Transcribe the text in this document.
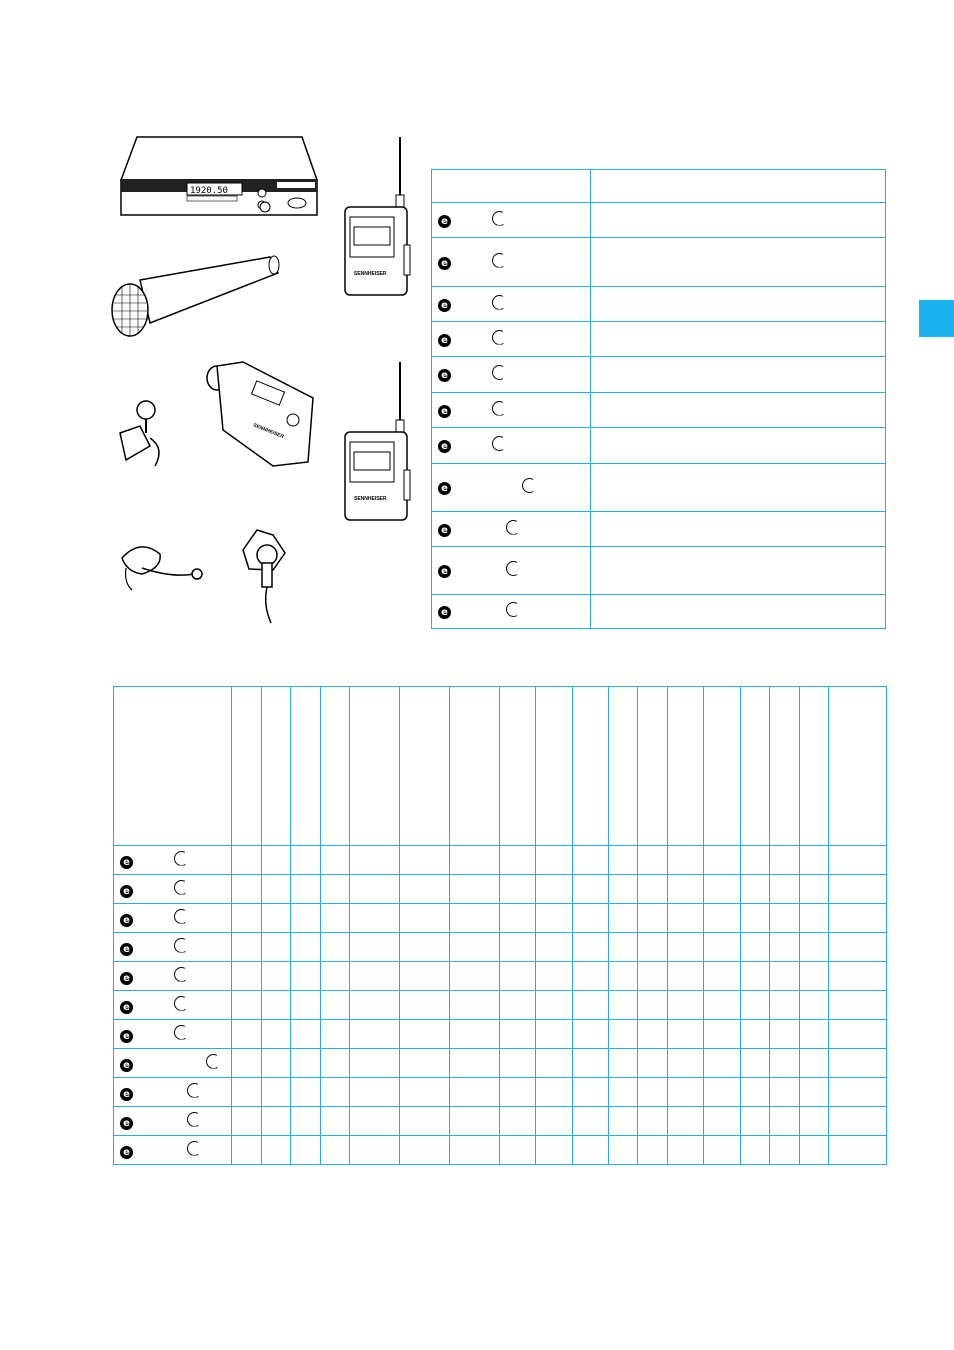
1920.50
SENNHEISER
SENNHEISER
SENNHEISER
e
e
e
e
e
e
e
e
e
e
e
e
e
e
e
e
e
e
e
e
e
e
